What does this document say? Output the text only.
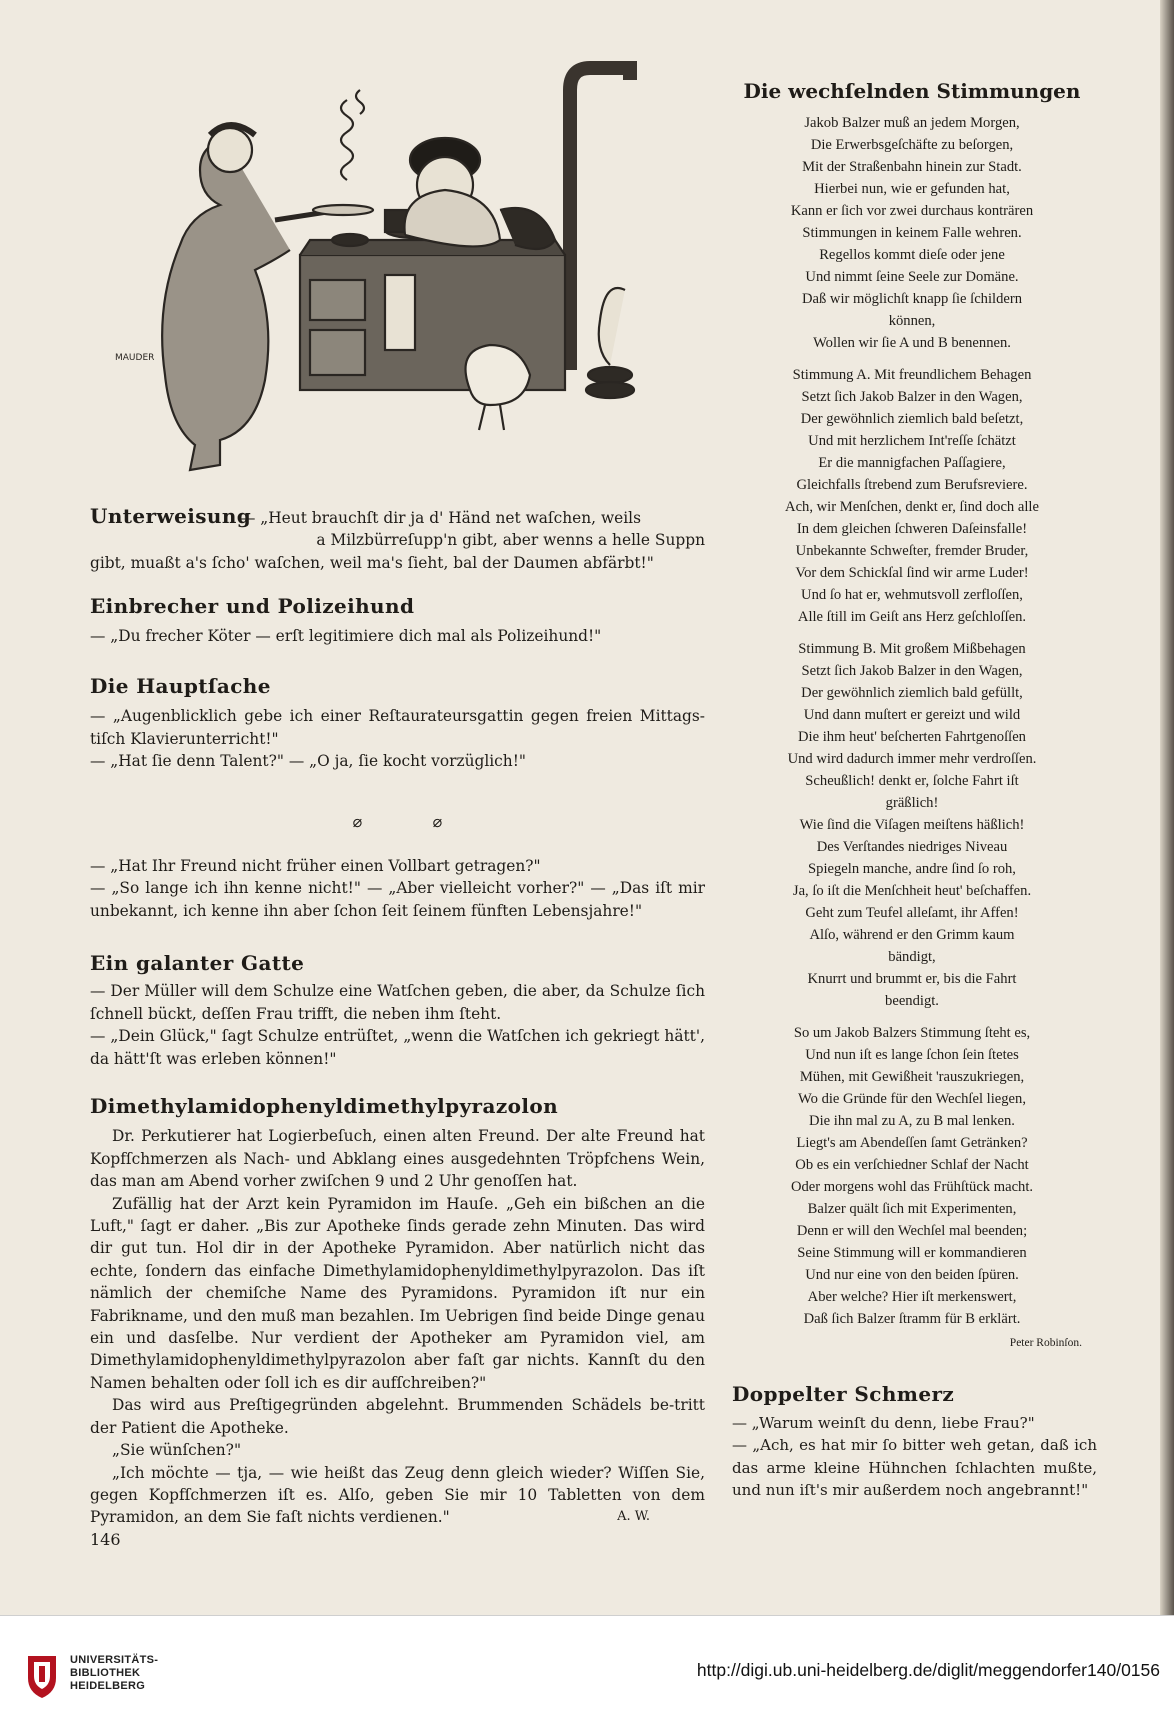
MAUDER

Unterweisung— „Heut brauchſt dir ja d' Händ net waſchen, weils

a Milzbürreſupp'n gibt, aber wenns a helle Suppn

gibt, muaßt a's ſcho' waſchen, weil ma's ſieht, bal der Daumen abfärbt!"

Einbrecher und Polizeihund

— „Du frecher Köter — erſt legitimiere dich mal als Polizeihund!"

Die Hauptſache

— „Augenblicklich gebe ich einer Reſtaurateursgattin gegen freien Mittags-tiſch Klavierunterricht!"

— „Hat ſie denn Talent?" — „O ja, ſie kocht vorzüglich!"

⌀	⌀

— „Hat Ihr Freund nicht früher einen Vollbart getragen?"

— „So lange ich ihn kenne nicht!" — „Aber vielleicht vorher?" — „Das iſt mir unbekannt, ich kenne ihn aber ſchon ſeit ſeinem fünften Lebensjahre!"

Ein galanter Gatte

— Der Müller will dem Schulze eine Watſchen geben, die aber, da Schulze ſich ſchnell bückt, deſſen Frau trifft, die neben ihm ſteht.

— „Dein Glück," ſagt Schulze entrüſtet, „wenn die Watſchen ich gekriegt hätt', da hätt'ſt was erleben können!"

Dimethylamidophenyldimethylpyrazolon

Dr. Perkutierer hat Logierbeſuch, einen alten Freund. Der alte Freund hat Kopfſchmerzen als Nach- und Abklang eines ausgedehnten Tröpfchens Wein, das man am Abend vorher zwiſchen 9 und 2 Uhr genoſſen hat.

Zufällig hat der Arzt kein Pyramidon im Hauſe. „Geh ein bißchen an die Luft," ſagt er daher. „Bis zur Apotheke ſinds gerade zehn Minuten. Das wird dir gut tun. Hol dir in der Apotheke Pyramidon. Aber natürlich nicht das echte, ſondern das einfache Dimethylamidophenyldimethylpyrazolon. Das iſt nämlich der chemiſche Name des Pyramidons. Pyramidon iſt nur ein Fabrikname, und den muß man bezahlen. Im Uebrigen ſind beide Dinge genau ein und dasſelbe. Nur verdient der Apotheker am Pyramidon viel, am Dimethylamidophenyldimethylpyrazolon aber faſt gar nichts. Kannſt du den Namen behalten oder ſoll ich es dir aufſchreiben?"

Das wird aus Preſtigegründen abgelehnt. Brummenden Schädels be-tritt der Patient die Apotheke.

„Sie wünſchen?"

„Ich möchte — tja, — wie heißt das Zeug denn gleich wieder? Wiſſen Sie, gegen Kopfſchmerzen iſt es. Alſo, geben Sie mir 10 Tabletten von dem Pyramidon, an dem Sie faſt nichts verdienen."	A. W.

146
Die wechſelnden Stimmungen
Jakob Balzer muß an jedem Morgen,
Die Erwerbsgeſchäfte zu beſorgen,
Mit der Straßenbahn hinein zur Stadt.
Hierbei nun, wie er gefunden hat,
Kann er ſich vor zwei durchaus konträren
Stimmungen in keinem Falle wehren.
Regellos kommt dieſe oder jene
Und nimmt ſeine Seele zur Domäne.
Daß wir möglichſt knapp ſie ſchildern
können,
Wollen wir ſie A und B benennen.
Stimmung A. Mit freundlichem Behagen
Setzt ſich Jakob Balzer in den Wagen,
Der gewöhnlich ziemlich bald beſetzt,
Und mit herzlichem Int'reſſe ſchätzt
Er die mannigfachen Paſſagiere,
Gleichfalls ſtrebend zum Berufsreviere.
Ach, wir Menſchen, denkt er, ſind doch alle
In dem gleichen ſchweren Daſeinsfalle!
Unbekannte Schweſter, fremder Bruder,
Vor dem Schickſal ſind wir arme Luder!
Und ſo hat er, wehmutsvoll zerfloſſen,
Alle ſtill im Geiſt ans Herz geſchloſſen.
Stimmung B. Mit großem Mißbehagen
Setzt ſich Jakob Balzer in den Wagen,
Der gewöhnlich ziemlich bald gefüllt,
Und dann muſtert er gereizt und wild
Die ihm heut' beſcherten Fahrtgenoſſen
Und wird dadurch immer mehr verdroſſen.
Scheußlich! denkt er, ſolche Fahrt iſt
gräßlich!
Wie ſind die Viſagen meiſtens häßlich!
Des Verſtandes niedriges Niveau
Spiegeln manche, andre ſind ſo roh,
Ja, ſo iſt die Menſchheit heut' beſchaffen.
Geht zum Teufel alleſamt, ihr Affen!
Alſo, während er den Grimm kaum
bändigt,
Knurrt und brummt er, bis die Fahrt
beendigt.
So um Jakob Balzers Stimmung ſteht es,
Und nun iſt es lange ſchon ſein ſtetes
Mühen, mit Gewißheit 'rauszukriegen,
Wo die Gründe für den Wechſel liegen,
Die ihn mal zu A, zu B mal lenken.
Liegt's am Abendeſſen ſamt Getränken?
Ob es ein verſchiedner Schlaf der Nacht
Oder morgens wohl das Frühſtück macht.
Balzer quält ſich mit Experimenten,
Denn er will den Wechſel mal beenden;
Seine Stimmung will er kommandieren
Und nur eine von den beiden ſpüren.
Aber welche? Hier iſt merkenswert,
Daß ſich Balzer ſtramm für B erklärt.
Peter Robinſon.

Doppelter Schmerz

— „Warum weinſt du denn, liebe Frau?"

— „Ach, es hat mir ſo bitter weh getan, daß ich das arme kleine Hühnchen ſchlachten mußte, und nun iſt's mir außerdem noch angebrannt!"

UNIVERSITÄTS-
BIBLIOTHEK
HEIDELBERG
http://digi.ub.uni-heidelberg.de/diglit/meggendorfer140/0156
